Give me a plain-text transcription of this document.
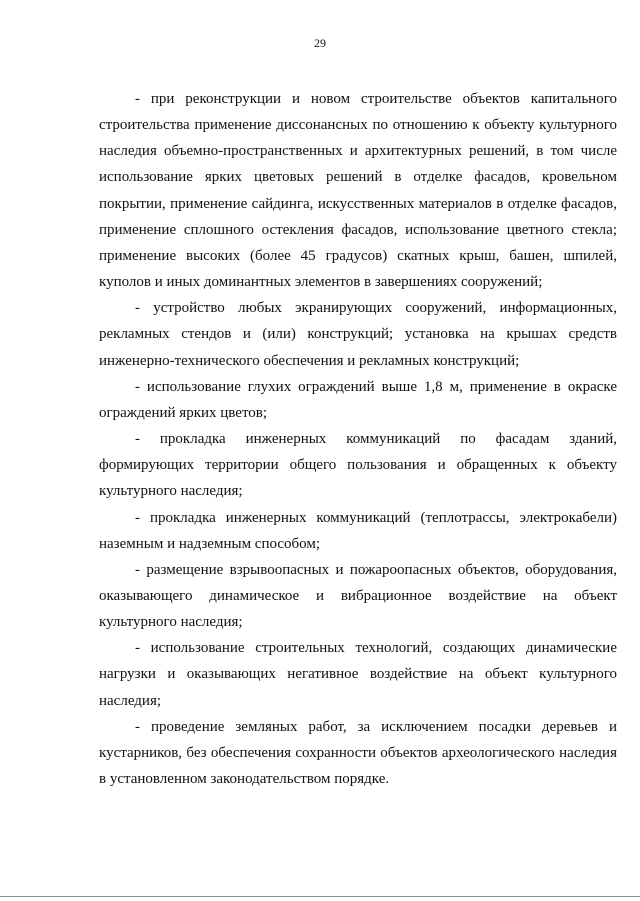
29

- при реконструкции и новом строительстве объектов капитального строительства применение диссонансных по отношению к объекту культурного наследия объемно-пространственных и архитектурных решений, в том числе использование ярких цветовых решений в отделке фасадов, кровельном покрытии, применение сайдинга, искусственных материалов в отделке фасадов, применение сплошного остекления фасадов, использование цветного стекла; применение высоких (более 45 градусов) скатных крыш, башен, шпилей, куполов и иных доминантных элементов в завершениях сооружений;

- устройство любых экранирующих сооружений, информационных, рекламных стендов и (или) конструкций; установка на крышах средств инженерно-технического обеспечения и рекламных конструкций;

- использование глухих ограждений выше 1,8 м, применение в окраске ограждений ярких цветов;

- прокладка инженерных коммуникаций по фасадам зданий, формирующих территории общего пользования и обращенных к объекту культурного наследия;

- прокладка инженерных коммуникаций (теплотрассы, электрокабели) наземным и надземным способом;

- размещение взрывоопасных и пожароопасных объектов, оборудования, оказывающего динамическое и вибрационное воздействие на объект культурного наследия;

- использование строительных технологий, создающих динамические нагрузки и оказывающих негативное воздействие на объект культурного наследия;

- проведение земляных работ, за исключением посадки деревьев и кустарников, без обеспечения сохранности объектов археологического наследия в установленном законодательством порядке.
